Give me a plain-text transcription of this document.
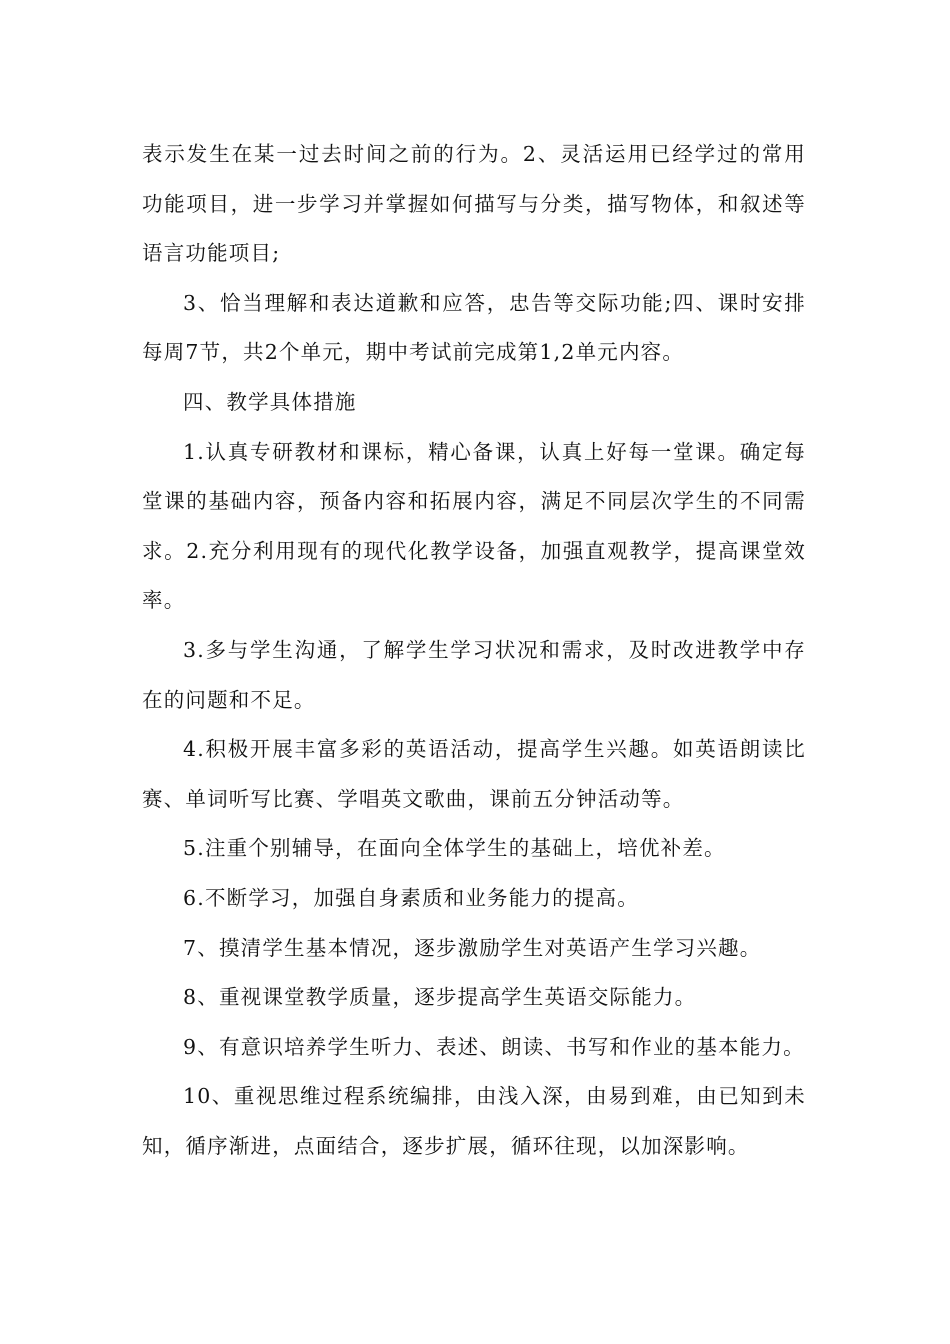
表示发生在某一过去时间之前的行为。2、灵活运用已经学过的常用功能项目，进一步学习并掌握如何描写与分类，描写物体，和叙述等语言功能项目;

3、恰当理解和表达道歉和应答，忠告等交际功能;四、课时安排 每周7节，共2个单元，期中考试前完成第1,2单元内容。

四、教学具体措施

1.认真专研教材和课标，精心备课，认真上好每一堂课。确定每堂课的基础内容，预备内容和拓展内容，满足不同层次学生的不同需求。2.充分利用现有的现代化教学设备，加强直观教学，提高课堂效率。

3.多与学生沟通，了解学生学习状况和需求，及时改进教学中存在的问题和不足。

4.积极开展丰富多彩的英语活动，提高学生兴趣。如英语朗读比赛、单词听写比赛、学唱英文歌曲，课前五分钟活动等。

5.注重个别辅导，在面向全体学生的基础上，培优补差。

6.不断学习，加强自身素质和业务能力的提高。

7、摸清学生基本情况，逐步激励学生对英语产生学习兴趣。

8、重视课堂教学质量，逐步提高学生英语交际能力。

9、有意识培养学生听力、表述、朗读、书写和作业的基本能力。

10、重视思维过程系统编排，由浅入深，由易到难，由已知到未知，循序渐进，点面结合，逐步扩展，循环往现，以加深影响。
